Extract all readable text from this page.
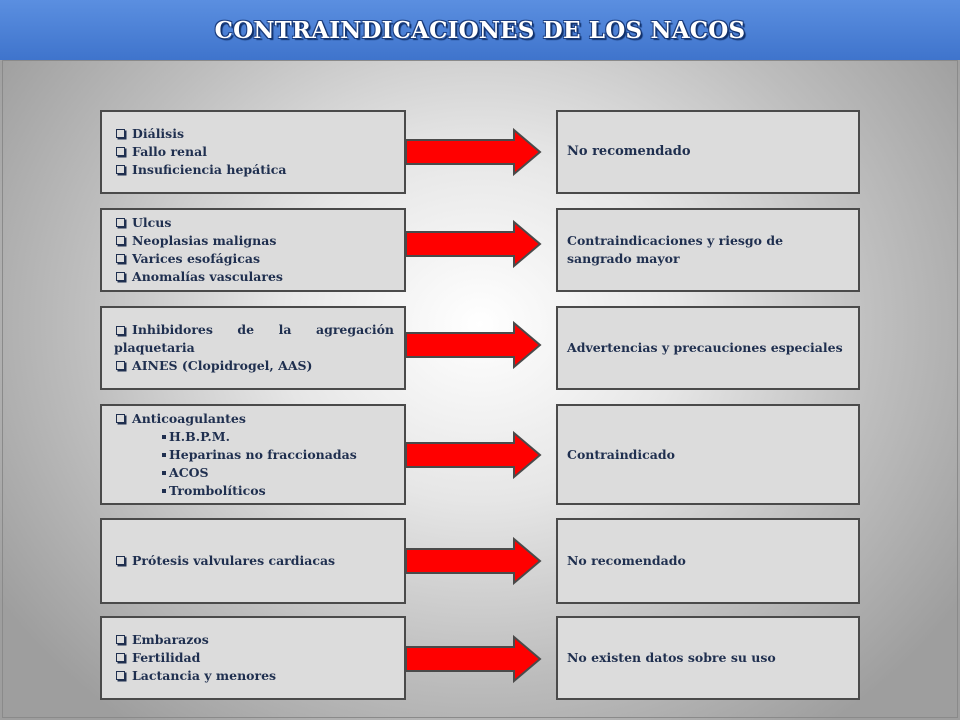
CONTRAINDICACIONES DE LOS NACOS
Diálisis
Fallo renal
Insuficiencia hepática
No recomendado
Ulcus
Neoplasias malignas
Varices esofágicas
Anomalías vasculares
Contraindicaciones y riesgo de sangrado mayor
Inhibidores de la agregación plaquetaria
AINES (Clopidrogel, AAS)
Advertencias y precauciones especiales
Anticoagulantes
H.B.P.M.
Heparinas no fraccionadas
ACOS
Trombolíticos
Contraindicado
Prótesis valvulares cardiacas	No recomendado
Embarazos
Fertilidad
Lactancia y menores
No existen datos sobre su uso
